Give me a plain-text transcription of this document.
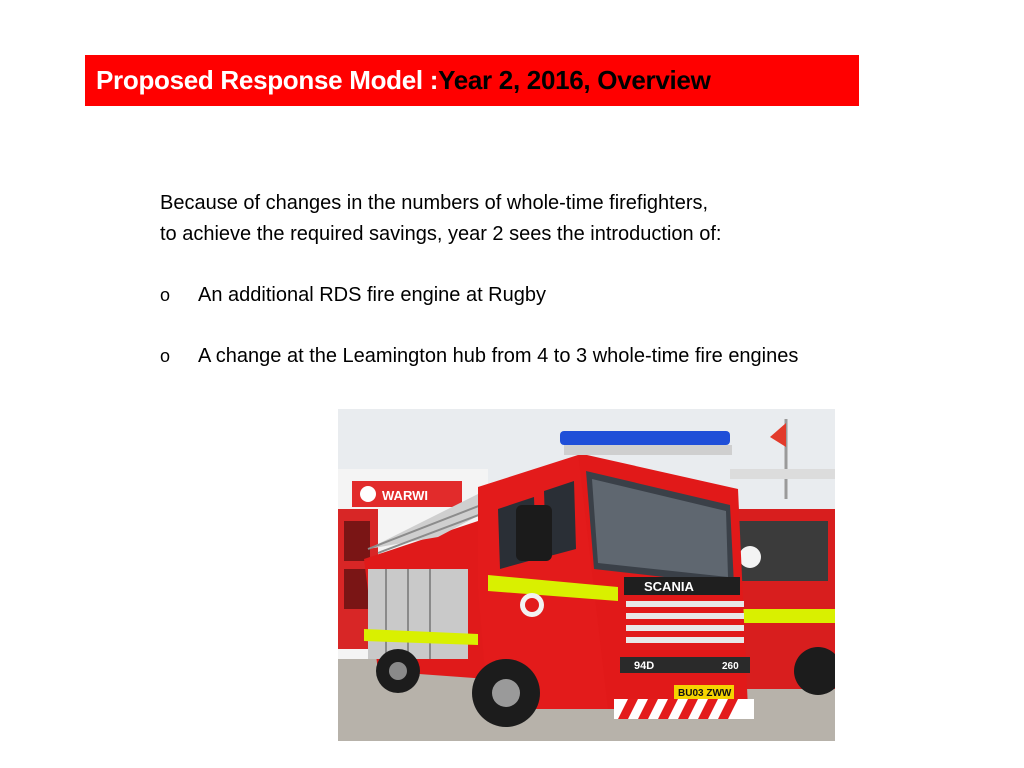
Proposed Response Model : Year 2, 2016, Overview

Because of changes in the numbers of whole-time firefighters,

to achieve the required savings, year 2 sees the introduction of:

o An additional RDS fire engine at Rugby
o A change at the Leamington hub from 4 to 3 whole-time fire engines
WARWI
SCANIA
94D	260
BU03 ZWW
